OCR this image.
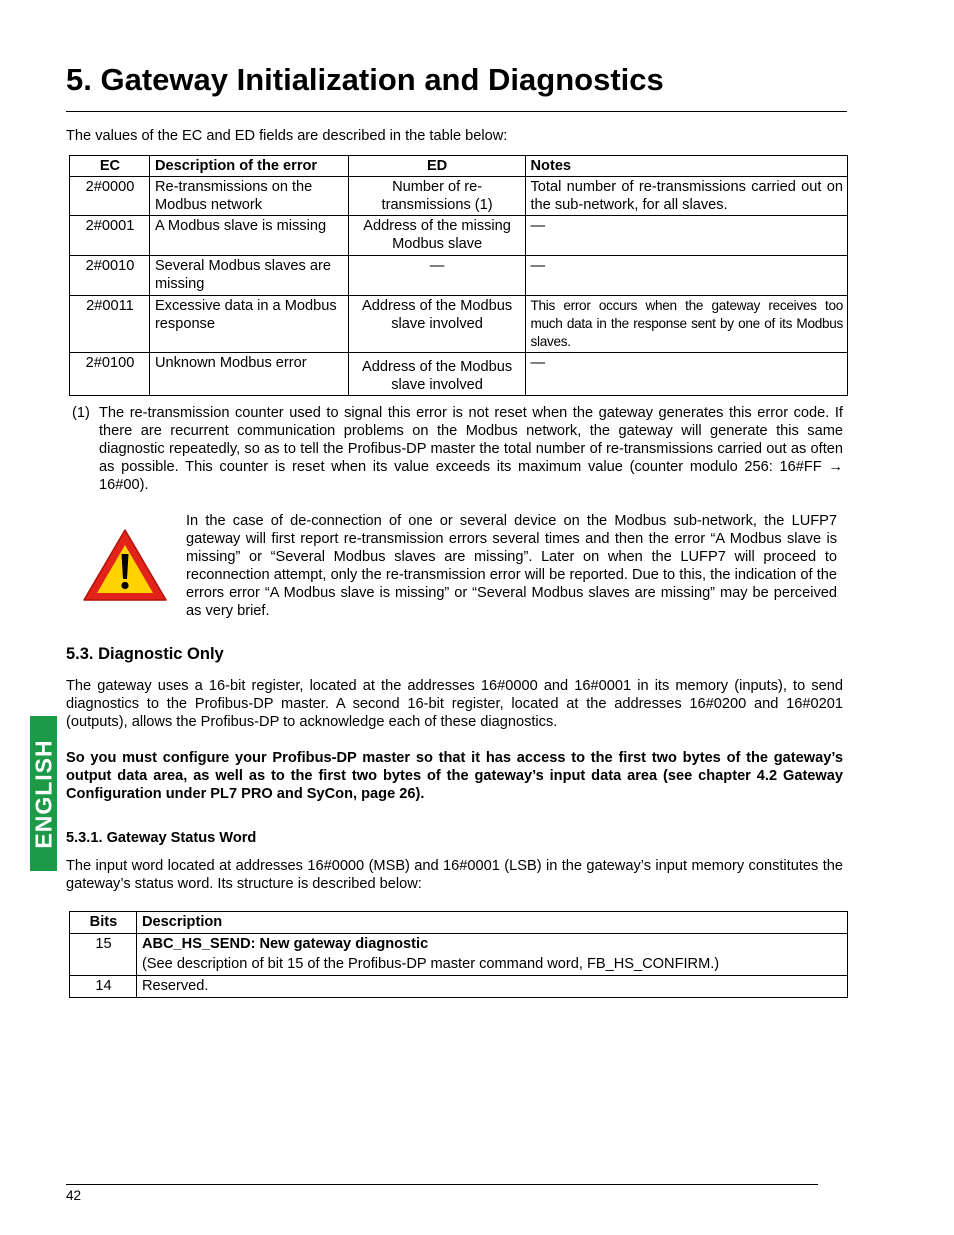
5. Gateway Initialization and Diagnostics
The values of the EC and ED fields are described in the table below:
EC	Description of the error	ED	Notes
2#0000	Re-transmissions on the Modbus network	Number of re-transmissions (1)	Total number of re-transmissions carried out on the sub-network, for all slaves.
2#0001	A Modbus slave is missing	Address of the missing Modbus slave	—
2#0010	Several Modbus slaves are missing	—	—
2#0011	Excessive data in a Modbus response	Address of the Modbus slave involved	This error occurs when the gateway receives too much data in the response sent by one of its Modbus slaves.
2#0100	Unknown Modbus error	Address of the Modbus slave involved	—
(1) The re-transmission counter used to signal this error is not reset when the gateway generates this error code. If there are recurrent communication problems on the Modbus network, the gateway will generate this same diagnostic repeatedly, so as to tell the Profibus-DP master the total number of re-transmissions carried out as often as possible. This counter is reset when its value exceeds its maximum value (counter modulo 256: 16#FF → 16#00).
In the case of de-connection of one or several device on the Modbus sub-network, the LUFP7 gateway will first report re-transmission errors several times and then the error “A Modbus slave is missing” or “Several Modbus slaves are missing”. Later on when the LUFP7 will proceed to reconnection attempt, only the re-transmission error will be reported. Due to this, the indication of the errors error “A Modbus slave is missing” or “Several Modbus slaves are missing” may be perceived as very brief.
5.3. Diagnostic Only
The gateway uses a 16-bit register, located at the addresses 16#0000 and 16#0001 in its memory (inputs), to send diagnostics to the Profibus-DP master. A second 16-bit register, located at the addresses 16#0200 and 16#0201 (outputs), allows the Profibus-DP to acknowledge each of these diagnostics.
So you must configure your Profibus-DP master so that it has access to the first two bytes of the gateway’s output data area, as well as to the first two bytes of the gateway’s input data area (see chapter 4.2 Gateway Configuration under PL7 PRO and SyCon, page 26).
5.3.1. Gateway Status Word
The input word located at addresses 16#0000 (MSB) and 16#0001 (LSB) in the gateway’s input memory constitutes the gateway’s status word. Its structure is described below:
Bits	Description
15	ABC_HS_SEND: New gateway diagnostic
(See description of bit 15 of the Profibus-DP master command word, FB_HS_CONFIRM.)

14	Reserved.
ENGLISH
42
